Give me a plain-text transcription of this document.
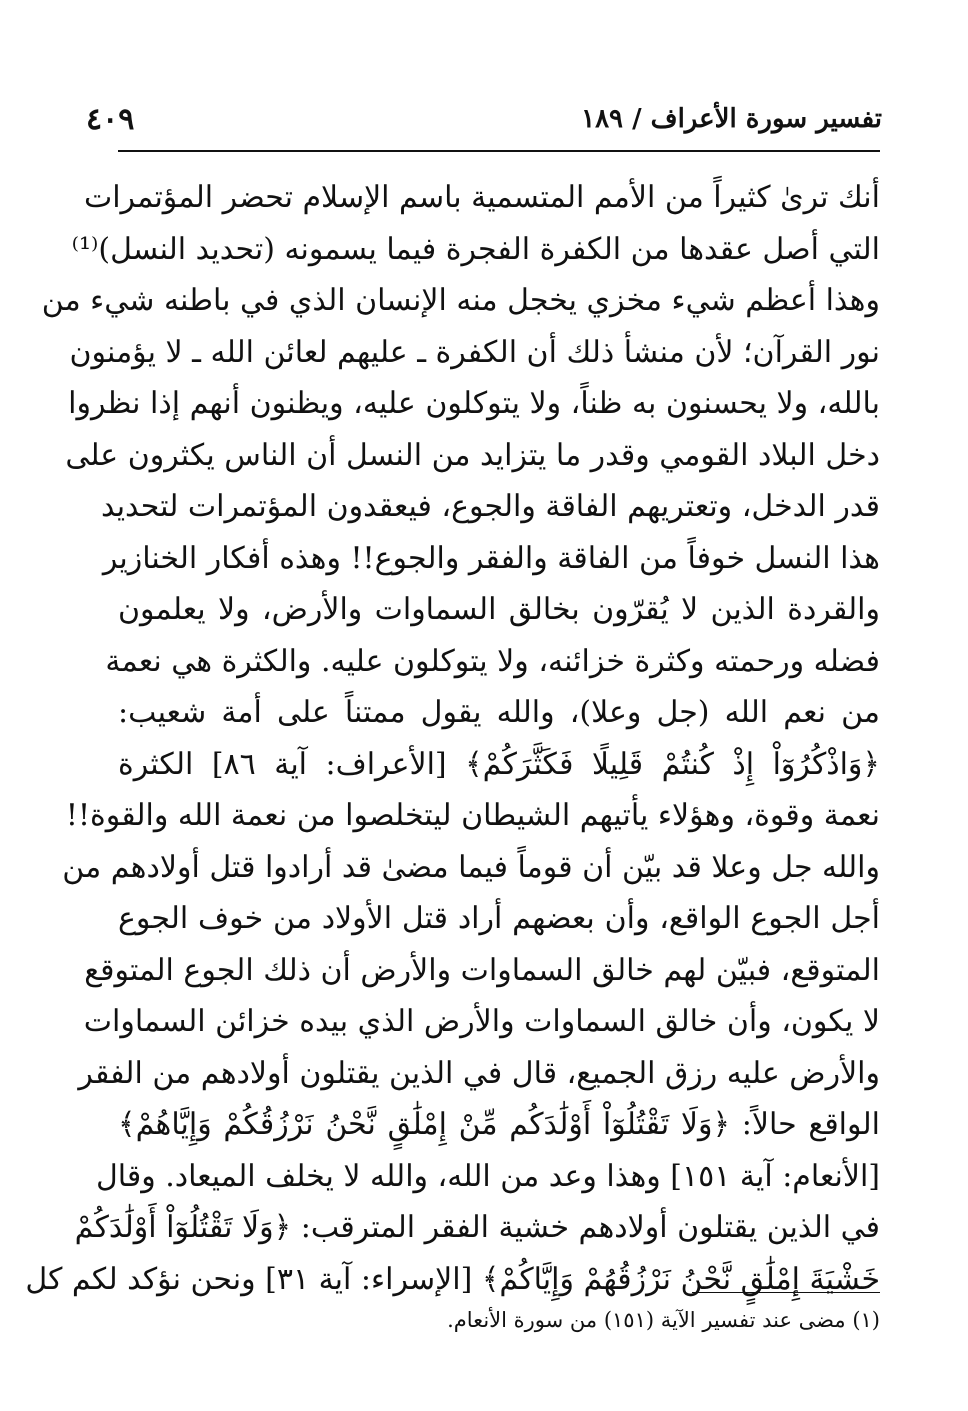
تفسير سورة الأعراف / ١٨٩
٤٠٩
أنك ترىٰ كثيراً من الأمم المتسمية باسم الإسلام تحضر المؤتمرات
التي أصل عقدها من الكفرة الفجرة فيما يسمونه (تحديد النسل)⁽¹⁾
وهذا أعظم شيء مخزي يخجل منه الإنسان الذي في باطنه شيء من
نور القرآن؛ لأن منشأ ذلك أن الكفرة ـ عليهم لعائن الله ـ لا يؤمنون
بالله، ولا يحسنون به ظناً، ولا يتوكلون عليه، ويظنون أنهم إذا نظروا
دخل البلاد القومي وقدر ما يتزايد من النسل أن الناس يكثرون على
قدر الدخل، وتعتريهم الفاقة والجوع، فيعقدون المؤتمرات لتحديد
هذا النسل خوفاً من الفاقة والفقر والجوع!! وهذه أفكار الخنازير
والقردة الذين لا يُقرّون بخالق السماوات والأرض، ولا يعلمون
فضله ورحمته وكثرة خزائنه، ولا يتوكلون عليه. والكثرة هي نعمة
من نعم الله (جل وعلا)، والله يقول ممتناً على أمة شعيب:
﴿وَاذْكُرُوٓاْ إِذْ كُنتُمْ قَلِيلًا فَكَثَّرَكُمْ﴾ [الأعراف: آية ٨٦] الكثرة
نعمة وقوة، وهؤلاء يأتيهم الشيطان ليتخلصوا من نعمة الله والقوة!!
والله جل وعلا قد بيّن أن قوماً فيما مضىٰ قد أرادوا قتل أولادهم من
أجل الجوع الواقع، وأن بعضهم أراد قتل الأولاد من خوف الجوع
المتوقع، فبيّن لهم خالق السماوات والأرض أن ذلك الجوع المتوقع
لا يكون، وأن خالق السماوات والأرض الذي بيده خزائن السماوات
والأرض عليه رزق الجميع، قال في الذين يقتلون أولادهم من الفقر
الواقع حالاً: ﴿وَلَا تَقْتُلُوٓاْ أَوْلَٰدَكُم مِّنْ إِمْلَٰقٍ نَّحْنُ نَرْزُقُكُمْ وَإِيَّاهُمْ﴾
[الأنعام: آية ١٥١] وهذا وعد من الله، والله لا يخلف الميعاد. وقال
في الذين يقتلون أولادهم خشية الفقر المترقب: ﴿وَلَا تَقْتُلُوٓاْ أَوْلَٰدَكُمْ
خَشْيَةَ إِمْلَٰقٍ نَّحْنُ نَرْزُقُهُمْ وَإِيَّاكُمْ﴾ [الإسراء: آية ٣١] ونحن نؤكد لكم كل
(١) مضى عند تفسير الآية (١٥١) من سورة الأنعام.
